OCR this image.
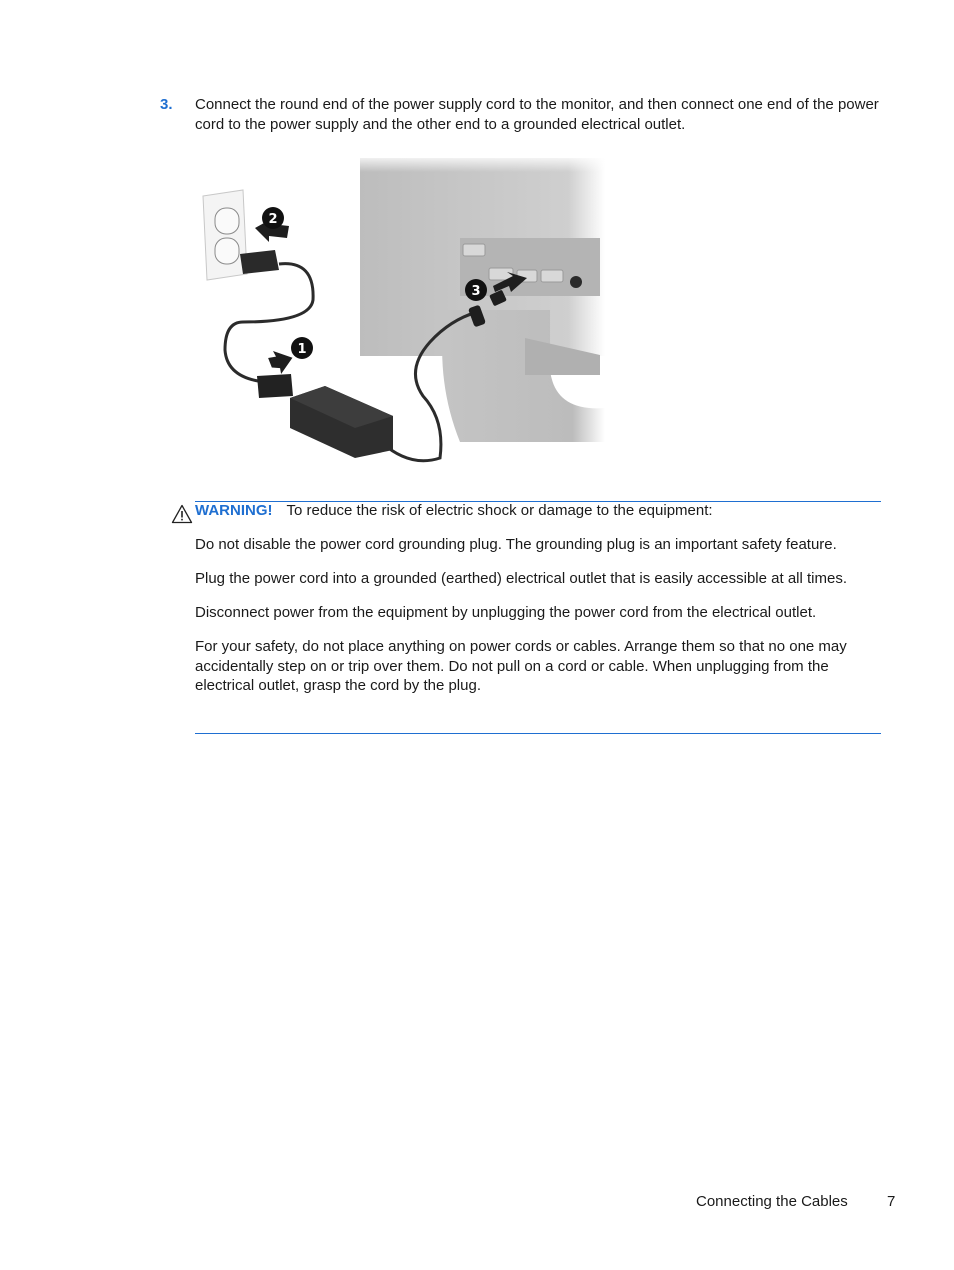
3. Connect the round end of the power supply cord to the monitor, and then connect one end of the power cord to the power supply and the other end to a grounded electrical outlet.
2
1
3
WARNING! To reduce the risk of electric shock or damage to the equipment:

Do not disable the power cord grounding plug. The grounding plug is an important safety feature.

Plug the power cord into a grounded (earthed) electrical outlet that is easily accessible at all times.

Disconnect power from the equipment by unplugging the power cord from the electrical outlet.

For your safety, do not place anything on power cords or cables. Arrange them so that no one may accidentally step on or trip over them. Do not pull on a cord or cable. When unplugging from the electrical outlet, grasp the cord by the plug.

Connecting the Cables	7
